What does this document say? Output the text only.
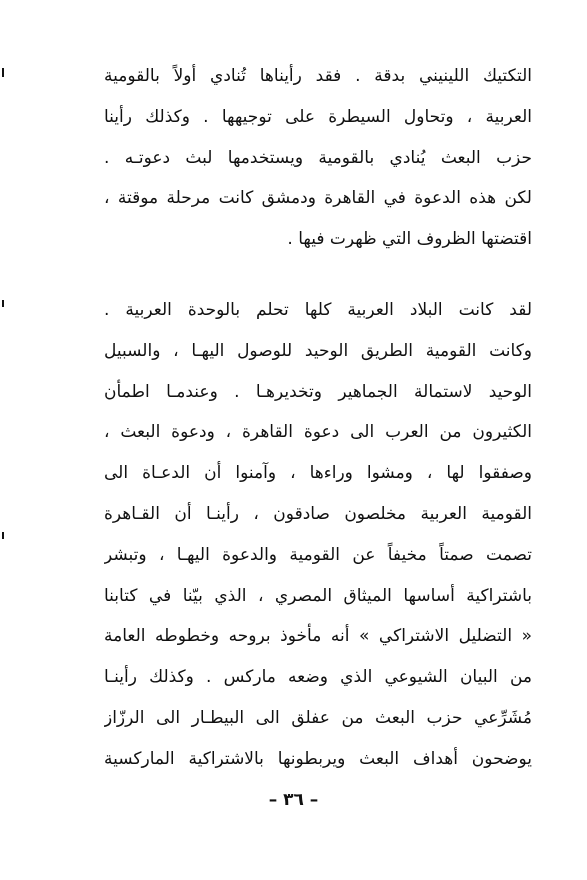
التكتيك اللينيني بدقة . فقد رأيناها تُنادي أولاً بالقومية
العربية ، وتحاول السيطرة على توجيهها . وكذلك رأينا
حزب البعث يُنادي بالقومية ويستخدمها لبث دعوتـه .
لكن هذه الدعوة في القاهرة ودمشق كانت مرحلة موقتة ،
اقتضتها الظروف التي ظهرت فيها .
لقد كانت البلاد العربية كلها تحلم بالوحدة العربية .
وكانت القومية الطريق الوحيد للوصول اليهـا ، والسبيل
الوحيد لاستمالة الجماهير وتخديرهـا . وعندمـا اطمأن
الكثيرون من العرب الى دعوة القاهرة ، ودعوة البعث ،
وصفقوا لها ، ومشوا وراءها ، وآمنوا أن الدعـاة الى
القومية العربية مخلصون صادقون ، رأينـا أن القـاهرة
تصمت صمتاً مخيفاً عن القومية والدعوة اليهـا ، وتبشر
باشتراكية أساسها الميثاق المصري ، الذي بيّنا في كتابنا
« التضليل الاشتراكي » أنه مأخوذ بروحه وخطوطه العامة
من البيان الشيوعي الذي وضعه ماركس . وكذلك رأينـا
مُشَرِّعي حزب البعث من عفلق الى البيطـار الى الرزّاز
يوضحون أهداف البعث ويربطونها بالاشتراكية الماركسية
– ٣٦ –
